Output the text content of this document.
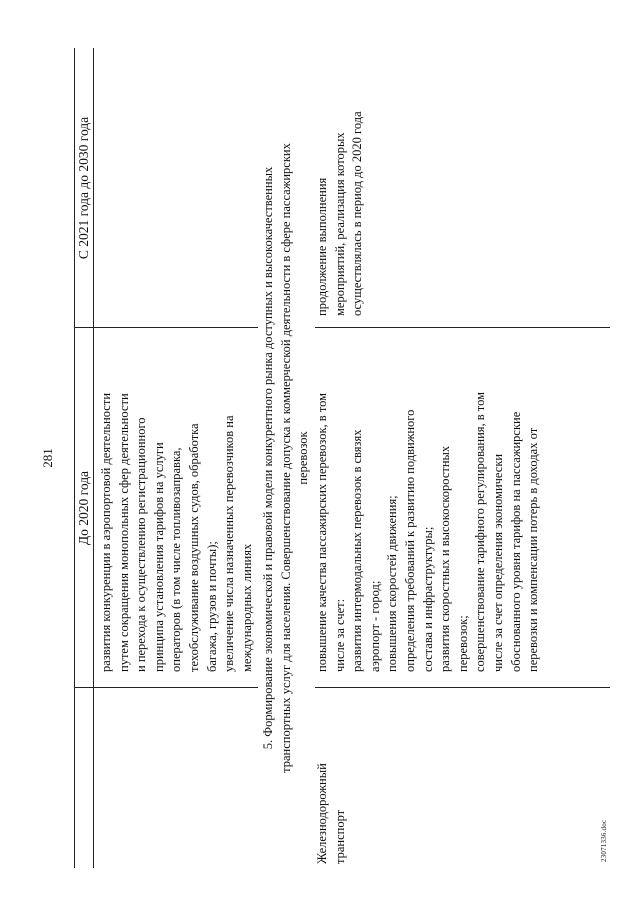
281
До 2020 года
С 2021 года до 2030 года
развития конкуренции в аэропортовой деятельности путем сокращения монопольных сфер деятельности и перехода к осуществлению регистрационного принципа установления тарифов на услуги операторов (в том числе топливозаправка, техобслуживание воздушных судов, обработка багажа, грузов и почты); увеличение числа назначенных перевозчиков на международных линиях 5. Формирование экономической и правовой модели конкурентного рынка доступных и высококачественных транспортных услуг для населения. Совершенствование допуска к коммерческой деятельности в сфере пассажирских перевозок
Железнодорожный транспорт
повышение качества пассажирских перевозок, в том числе за счет: развития интермодальных перевозок в связях аэропорт - город; повышения скоростей движения; определения требований к развитию подвижного состава и инфраструктуры; развития скоростных и высокоскоростных перевозок; совершенствование тарифного регулирования, в том числе за счет определения экономически обоснованного уровня тарифов на пассажирские перевозки и компенсации потерь в доходах от
продолжение выполнения мероприятий, реализация которых осуществлялась в период до 2020 года
23071336.doc
